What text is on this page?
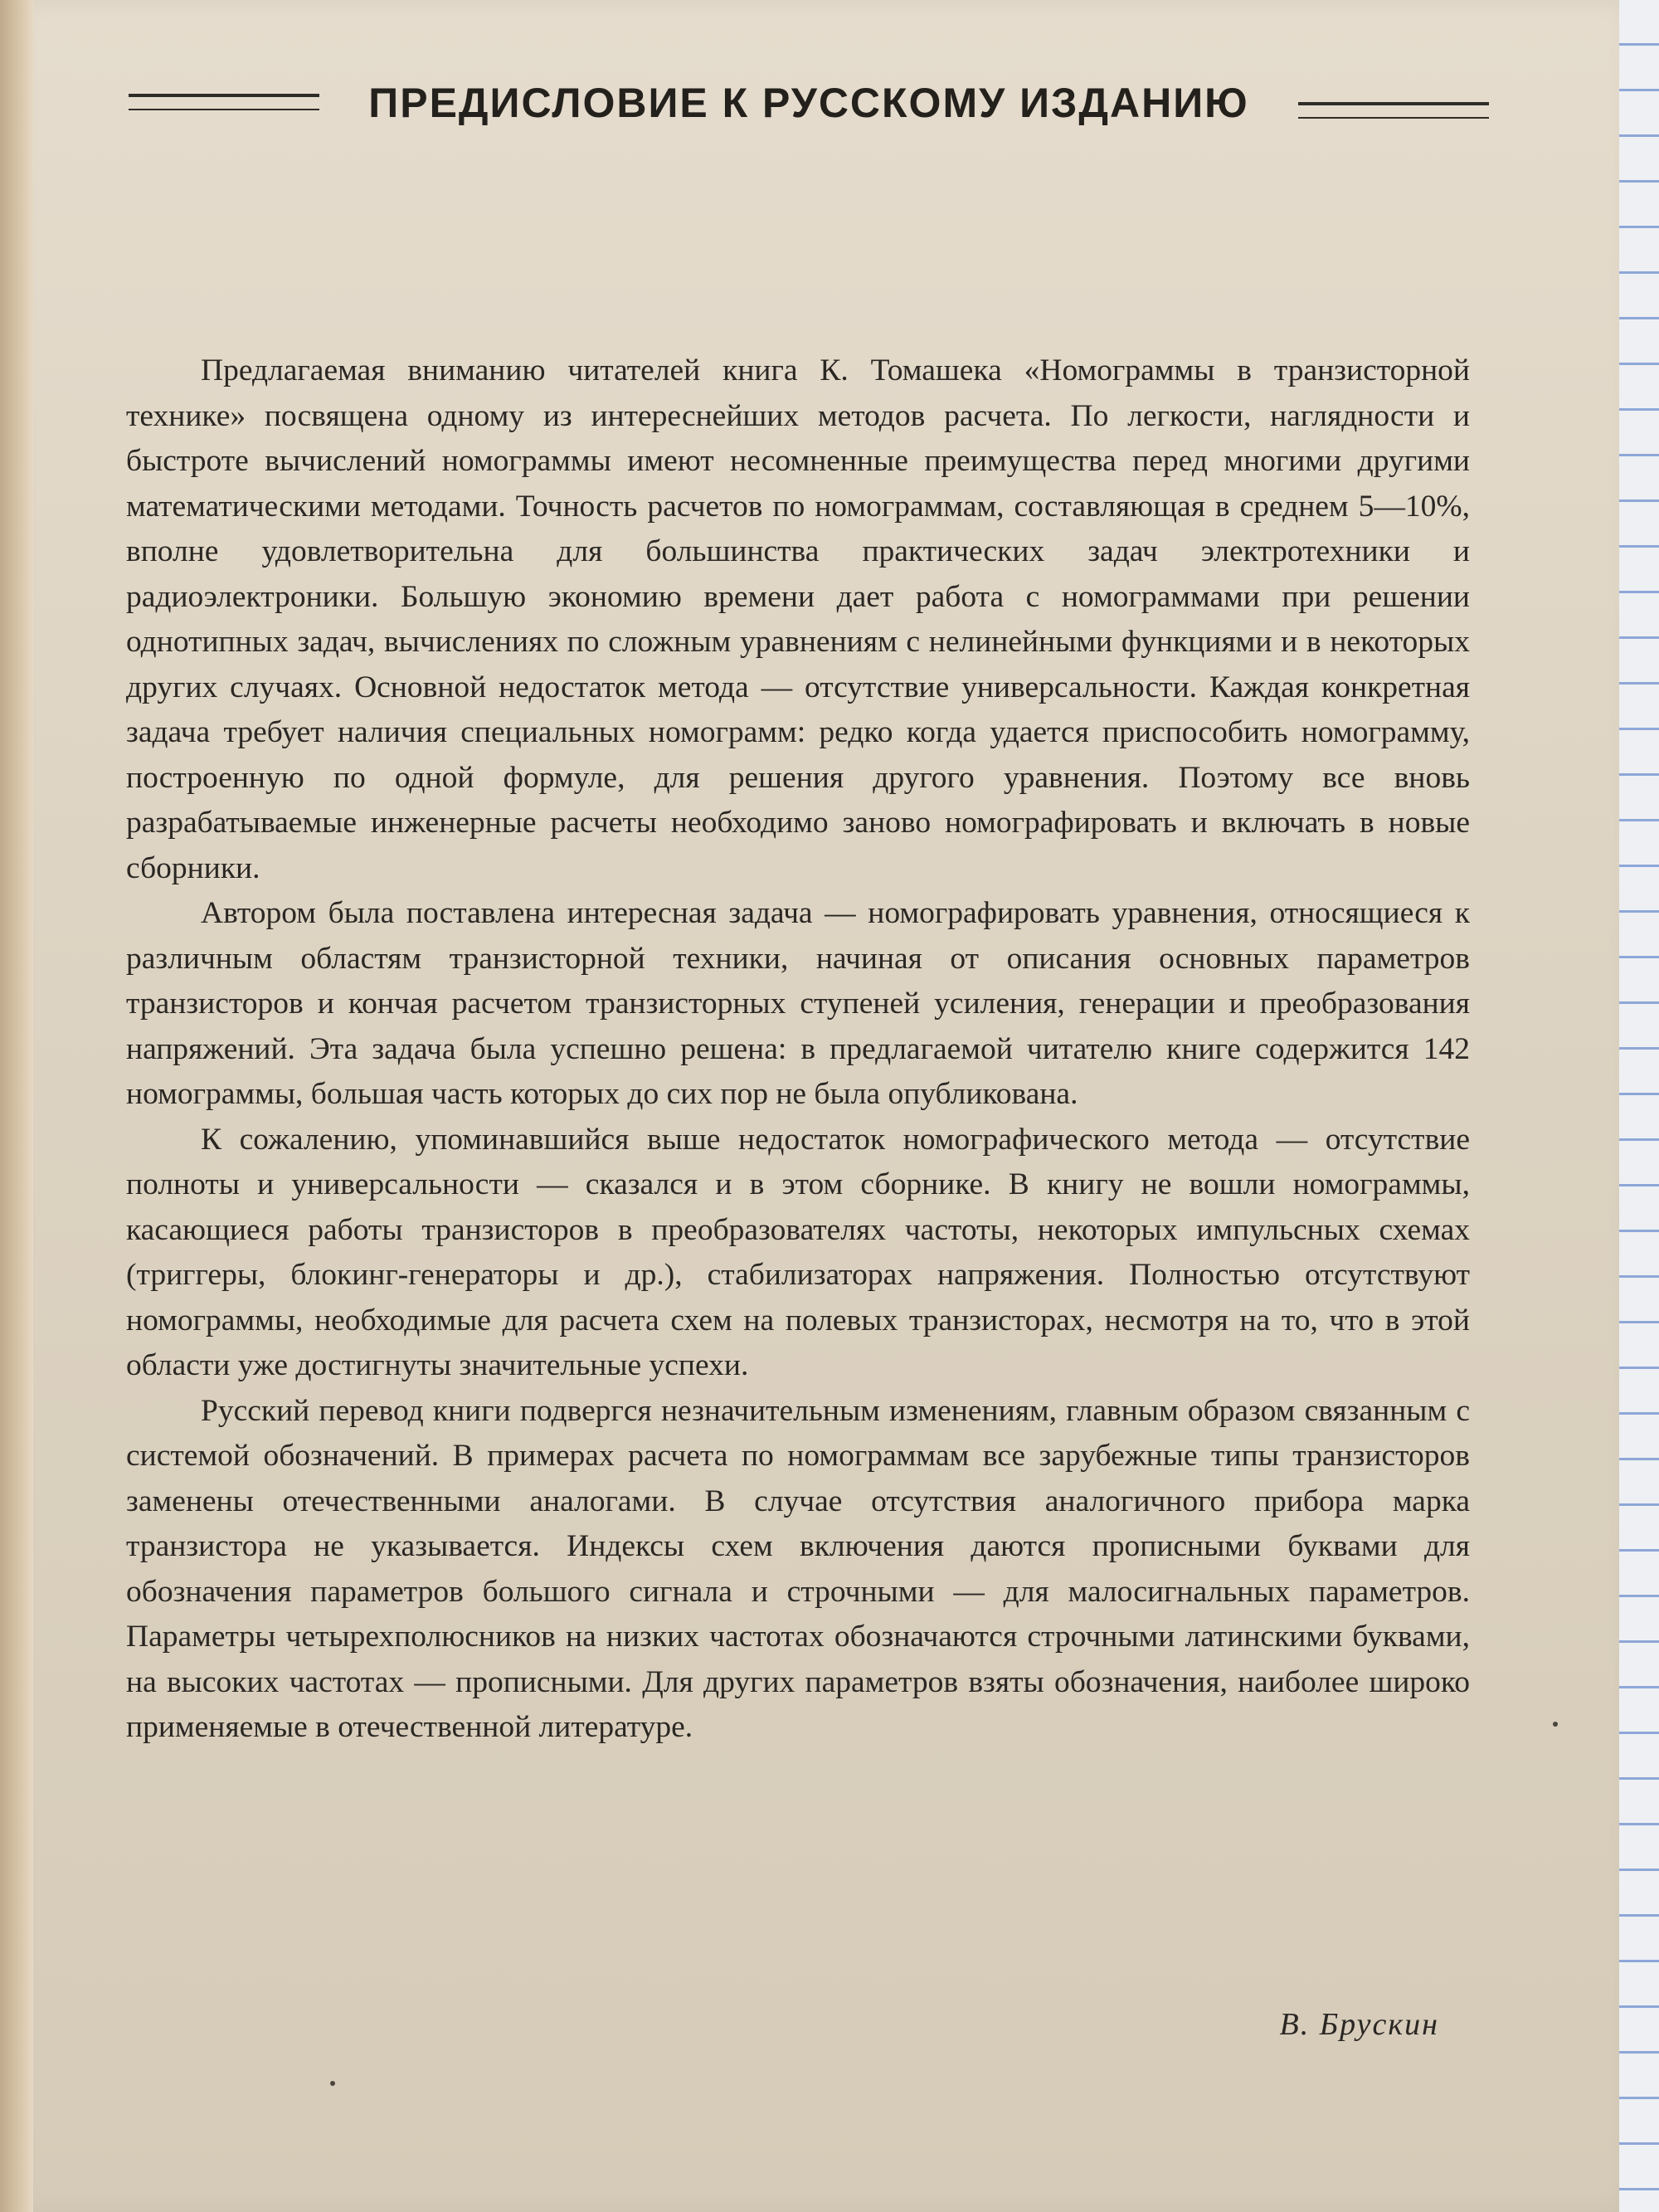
ПРЕДИСЛОВИЕ К РУССКОМУ ИЗДАНИЮ

Предлагаемая вниманию читателей книга К. Томашека «Номограммы в транзисторной технике» посвящена одному из интереснейших методов расчета. По легкости, наглядности и быстроте вычислений номограммы имеют несомненные преимущества перед многими другими математическими методами. Точность расчетов по номограммам, составляющая в среднем 5—10%, вполне удовлетворительна для большинства практических задач электротехники и радиоэлектроники. Большую экономию времени дает работа с номограммами при решении однотипных задач, вычислениях по сложным уравнениям с нелинейными функциями и в некоторых других случаях. Основной недостаток метода — отсутствие универсальности. Каждая конкретная задача требует наличия специальных номограмм: редко когда удается приспособить номограмму, построенную по одной формуле, для решения другого уравнения. Поэтому все вновь разрабатываемые инженерные расчеты необходимо заново номографировать и включать в новые сборники.

Автором была поставлена интересная задача — номографировать уравнения, относящиеся к различным областям транзисторной техники, начиная от описания основных параметров транзисторов и кончая расчетом транзисторных ступеней усиления, генерации и преобразования напряжений. Эта задача была успешно решена: в предлагаемой читателю книге содержится 142 номограммы, большая часть которых до сих пор не была опубликована.

К сожалению, упоминавшийся выше недостаток номографического метода — отсутствие полноты и универсальности — сказался и в этом сборнике. В книгу не вошли номограммы, касающиеся работы транзисторов в преобразователях частоты, некоторых импульсных схемах (триггеры, блокинг-генераторы и др.), стабилизаторах напряжения. Полностью отсутствуют номограммы, необходимые для расчета схем на полевых транзисторах, несмотря на то, что в этой области уже достигнуты значительные успехи.

Русский перевод книги подвергся незначительным изменениям, главным образом связанным с системой обозначений. В примерах расчета по номограммам все зарубежные типы транзисторов заменены отечественными аналогами. В случае отсутствия аналогичного прибора марка транзистора не указывается. Индексы схем включения даются прописными буквами для обозначения параметров большого сигнала и строчными — для малосигнальных параметров. Параметры четырехполюсников на низких частотах обозначаются строчными латинскими буквами, на высоких частотах — прописными. Для других параметров взяты обозначения, наиболее широко применяемые в отечественной литературе.

В. Брускин
